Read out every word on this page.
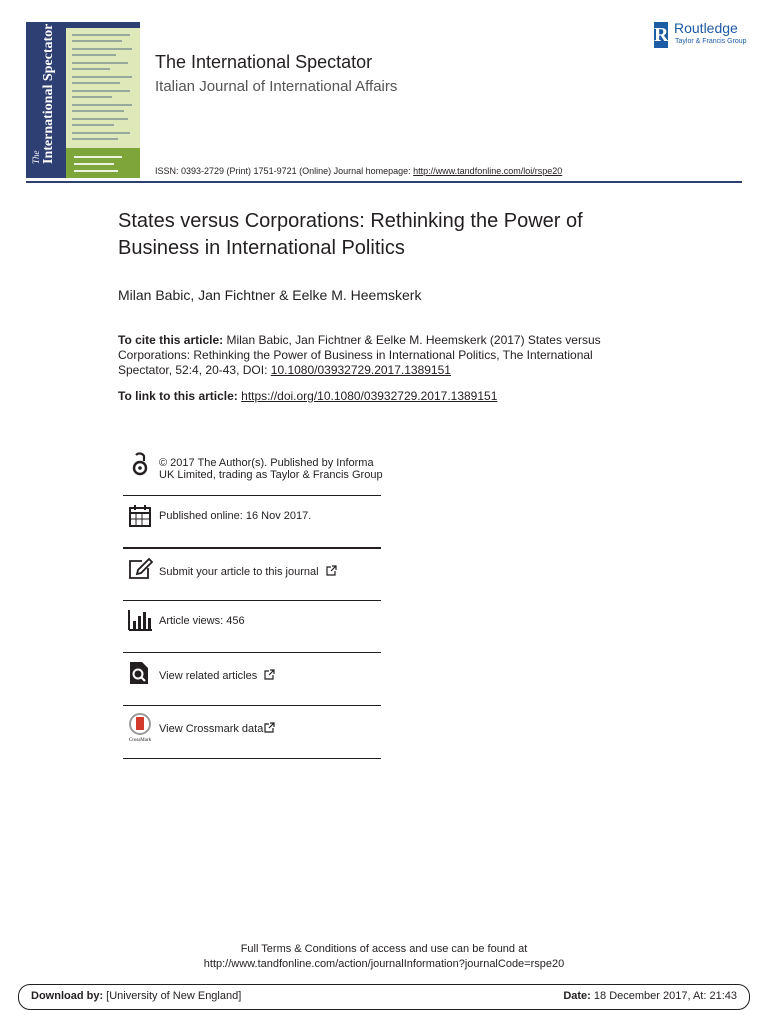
The International Spectator	The International Spectator
Italian Journal of International Affairs
ISSN: 0393-2729 (Print) 1751-9721 (Online) Journal homepage: http://www.tandfonline.com/loi/rspe20
R Routledge
Taylor & Francis Group
States versus Corporations: Rethinking the Power of Business in International Politics
Milan Babic, Jan Fichtner & Eelke M. Heemskerk
To cite this article: Milan Babic, Jan Fichtner & Eelke M. Heemskerk (2017) States versus Corporations: Rethinking the Power of Business in International Politics, The International Spectator, 52:4, 20-43, DOI: 10.1080/03932729.2017.1389151
To link to this article: https://doi.org/10.1080/03932729.2017.1389151
© 2017 The Author(s). Published by Informa UK Limited, trading as Taylor & Francis Group
Published online: 16 Nov 2017.
Submit your article to this journal
Article views: 456
View related articles
CrossMark
View Crossmark data
Full Terms & Conditions of access and use can be found at
http://www.tandfonline.com/action/journalInformation?journalCode=rspe20
Download by: [University of New England]	Date: 18 December 2017, At: 21:43
